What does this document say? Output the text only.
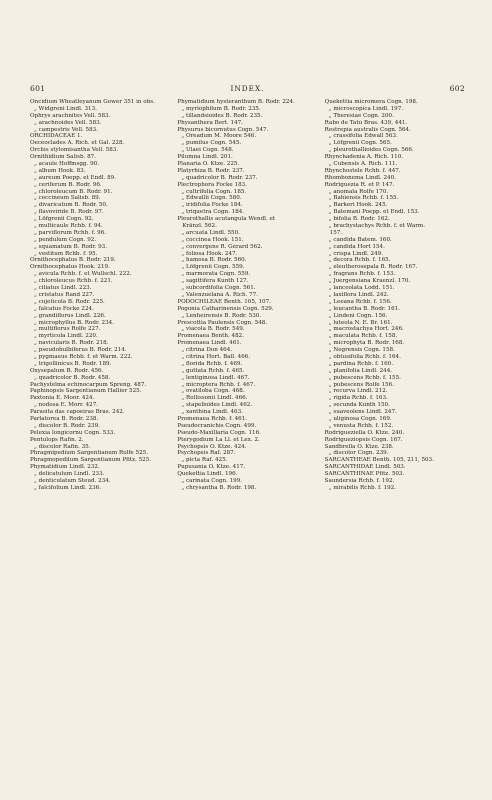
601	INDEX.	602
Oncidium Wheatleyanum Gower 351 in obs.
„ Widgreni Lindl. 313.
Ophrys arachnites Vell. 583.
„ arachnoides Vell. 583.
„ campestris Vell. 583.
ORCHIDACEAE 1.
Oeceoclades A. Rich. et Gal. 228.
Orchis stylomisantha Vell. 583.
Ornithidium Salisb. 87.
„ acaule Hoffmsgg. 90.
„ album Hook. 83.
„ aureum Poepp. et Endl. 89.
„ ceriferum B. Rodr. 96.
„ chloroleucum B. Rodr. 91.
„ coccineum Salisb. 89.
„ divaricatum B. Rodr. 50.
„ flavoviride B. Rodr. 97.
„ Löfgrenii Cogn. 92.
„ multicaule Rchb. f. 94.
„ parviflorum Rchb. f. 96.
„ pendulum Cogn. 92.
„ squamatum B. Rodr. 93.
„ vestitum Rchb. f. 95.
Ornithocephalus B. Rodr. 219.
Ornithocephalus Hook. 219.
„ avicula Rchb. f. et Wullschl. 222.
„ chloroleucus Rchb. f. 221.
„ ciliatus Lindl. 223.
„ cristatus Rand 227.
„ cujeticola B. Rodr. 225.
„ falcatus Focke 224.
„ grandiflorus Lindl. 226.
„ microphyllus B. Rodr. 234.
„ multiflorus Rolfe 227.
„ myrticola Lindl. 220.
„ navicularis B. Rodr. 218.
„ pseudobulbiferus B. Rodr. 214.
„ pygmaeus Rchb. f. et Warm. 222.
„ trigollinicus B. Rodr. 189.
Oxysepalum B. Rodr. 456.
„ quadricolor B. Rodr. 458.
Pachystelma echinocarpum Spreng. 487.
Paphinopsis Sargentianum Hallier 525.
Paxtonia E. Moor. 424.
„ nodosa E. Morr. 427.
Parasita das capoeiras Bras. 242.
Parlatorea B. Rodr. 238.
„ discolor B. Rodr. 239.
Pelexia longicornu Cogn. 533.
Pentulops Rafin. 2.
„ discolor Rafin. 35.
Phragmipedium Sargentianum Rolfe 525.
Phragmopedilum Sargentianum Pfitz. 525.
Phymatidium Lindl. 232.
„ delicatulum Lindl. 233.
„ denticulatum Steud. 234.
„ falcifolium Lindl. 236.
Phymatidium hysteranthum B. Rodr. 224.
„ myriophilum B. Rodr. 235.
„ tillandsioides B. Rodr. 235.
Physanthera Bert. 147.
Physurus bicornutus Cogn. 547.
„ Oreadum M. Moore 546.
„ pumilus Cogn. 545.
„ Ulaei Cogn. 548.
Pilumna Lindl. 201.
Planaria O. Ktze. 225.
Platyrhiza B. Rodr. 237.
„ quadricolor B. Rodr. 237.
Plectrophora Focke 183.
„ cultrifolia Cogn. 185.
„ Edwallii Cogn. 580.
„ iridifolia Focke 184.
„ triquetra Cogn. 184.
Pleurothallis acutangula Wendl. et
Kränzl. 562.
„ arcuata Lindl. 550.
„ coccinea Hook. 151.
„ convergens R. Gérard 562.
„ foliosa Hook. 247.
„ hamosa B. Rodr. 560.
„ Löfgrenii Cogn. 559.
„ marmorata Cogn. 559.
„ sagittifera Kunth 127.
„ subcordifolia Cogn. 561.
„ Valenzuelana A. Rich. 77.
PODOCHILEAE Benth. 105, 107.
Pogonia Catharinensis Cogn. 529.
„ Lenheirensis B. Rodr. 530.
Prescottia Paulensis Cogn. 548.
„ viacola B. Rodr. 549.
Promenaea Benth. 482.
Promenaea Lindl. 461.
„ citrina Don 464.
„ citrina Hort. Ball. 466.
„ florida Rchb. f. 469.
„ guttata Rchb. f. 465.
„ lentiginosa Lindl. 467.
„ microptera Rchb. f. 467.
„ ovatiloba Cogn. 468.
„ Rollissonii Lindl. 466.
„ stapelioides Lindl. 462.
„ xanthina Lindl. 463.
Promenaea Rchb. f. 461.
Pseudocranichis Cogn. 499.
Pseudo-Maxillaria Cogn. 116.
Pterygodium La Ll. et Lex. 2.
Psychopsis O. Ktze. 424.
Psychopsis Raf. 287.
„ picta Raf. 425.
Pupusania O. Ktze. 417.
Quekettia Lindl. 196.
„ carinata Cogn. 199.
„ chrysantha B. Rodr. 198.
Quekettia micromera Cogn. 198.
„ microscopica Lindl. 197.
„ Theresiae Cogn. 200.
Rabo de Tatú Bras. 439, 441.
Restrepia australis Cogn. 564.
„ crassifolia Edwall 563.
„ Löfgrenii Cogn. 565.
„ pleurothallioides Cogn. 566.
Rhynchadenia A. Rich. 110.
„ Cubensis A. Rich. 111.
Rhynchostele Rchb. f. 447.
Rhombonema Lindl. 240.
Rodriguezia R. et P. 147.
„ anomala Rolfe 170.
„ Bahiensis Rchb. f. 155.
„ Barkeri Hook. 245.
„ Batemani Poepp. et Endl. 153.
„ bifolia B. Rodr. 162.
„ brachystachys Rchb. f. et Warm.
157.
„ candida Batem. 160.
„ candida Hort 154.
„ crispa Lindl. 249.
„ decora Rchb. f. 165.
„ eleutherosepala B. Rodr. 167.
„ fragrans Rchb. f. 153.
„ Juergensiana Kraenzl. 170.
„ lanceolata Lodd. 151.
„ laxiflora Lindl. 242.
„ Leeana Rchb. f. 156.
„ leucantha B. Rodr. 161.
„ Lindeni Cogn. 156.
„ luteola N. E. Br. 161.
„ macrostachya Hort. 246.
„ maculata Rchb. f. 158.
„ microphyta B. Rodr. 168.
„ Negrensis Cogn. 158.
„ obtusifolia Rchb. f. 164.
„ pardina Rchb. f. 160.
„ planifolia Lindl. 244.
„ pubescens Rchb. f. 155.
„ pubescens Rolfe 156.
„ recurva Lindl. 212.
„ rigida Rchb. f. 163.
„ secunda Kunth 150.
„ suaveolens Lindl. 247.
„ uliginosa Cogn. 169.
„ venusta Rchb. f. 152.
Rodrigueziella O. Ktze. 240.
Rodrigueziopsis Cogn. 167.
Sandbrella O. Ktze. 238.
„ discolor Cogn. 239.
SARCANTHEAE Benth. 105, 211, 503.
SARCANTHIDAE Lindl. 503.
SARCANTHINAE Pfitz. 503.
Saundersia Rchb. f. 192.
„ mirabilis Rchb. f. 192.
